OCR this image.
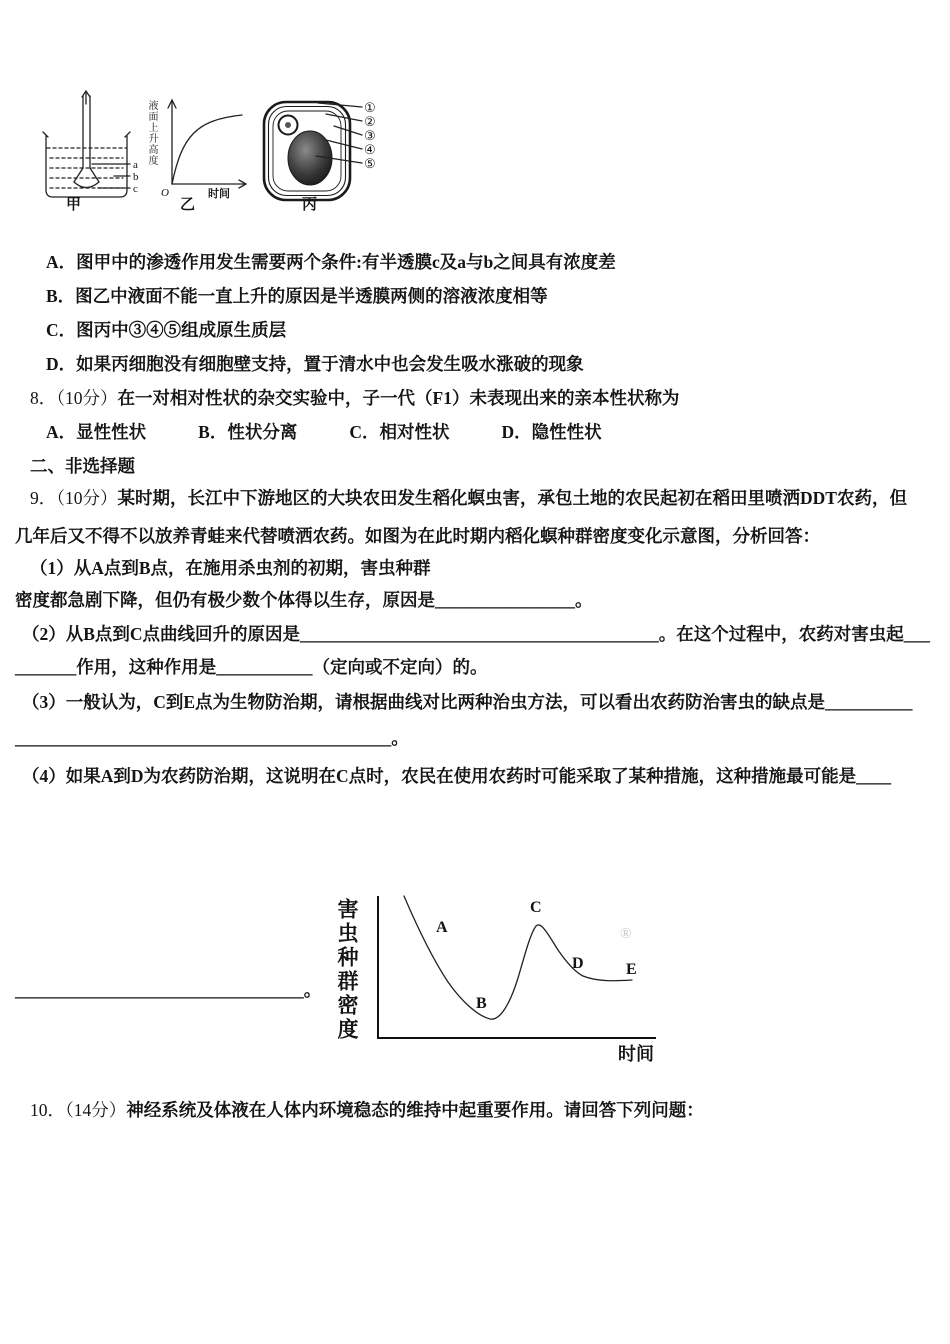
a
b
c
液面上升高度
O	时间
①
②
③
④
⑤
甲	乙	丙
A．图甲中的渗透作用发生需要两个条件:有半透膜c及a与b之间具有浓度差
B．图乙中液面不能一直上升的原因是半透膜两侧的溶液浓度相等
C．图丙中③④⑤组成原生质层
D．如果丙细胞没有细胞壁支持，置于清水中也会发生吸水涨破的现象
8．（10分）在一对相对性状的杂交实验中，子一代（F1）未表现出来的亲本性状称为
A．显性性状	B．性状分离	C．相对性状	D．隐性性状
二、非选择题
9．（10分）某时期，长江中下游地区的大块农田发生稻化螟虫害，承包土地的农民起初在稻田里喷洒DDT农药，但
几年后又不得不以放养青蛙来代替喷洒农药。如图为在此时期内稻化螟种群密度变化示意图，分析回答：
（1）从A点到B点，在施用杀虫剂的初期，害虫种群
密度都急剧下降，但仍有极少数个体得以生存，原因是________________。
（2）从B点到C点曲线回升的原因是_________________________________________。在这个过程中，农药对害虫起___
_______作用，这种作用是___________（定向或不定向）的。
（3）一般认为，C到E点为生物防治期，请根据曲线对比两种治虫方法，可以看出农药防治害虫的缺点是__________
___________________________________________。
（4）如果A到D为农药防治期，这说明在C点时，农民在使用农药时可能采取了某种措施，这种措施最可能是____
_________________________________。 害虫种群密度	A
B
C
D	E
时间
®
10．（14分）神经系统及体液在人体内环境稳态的维持中起重要作用。请回答下列问题：
